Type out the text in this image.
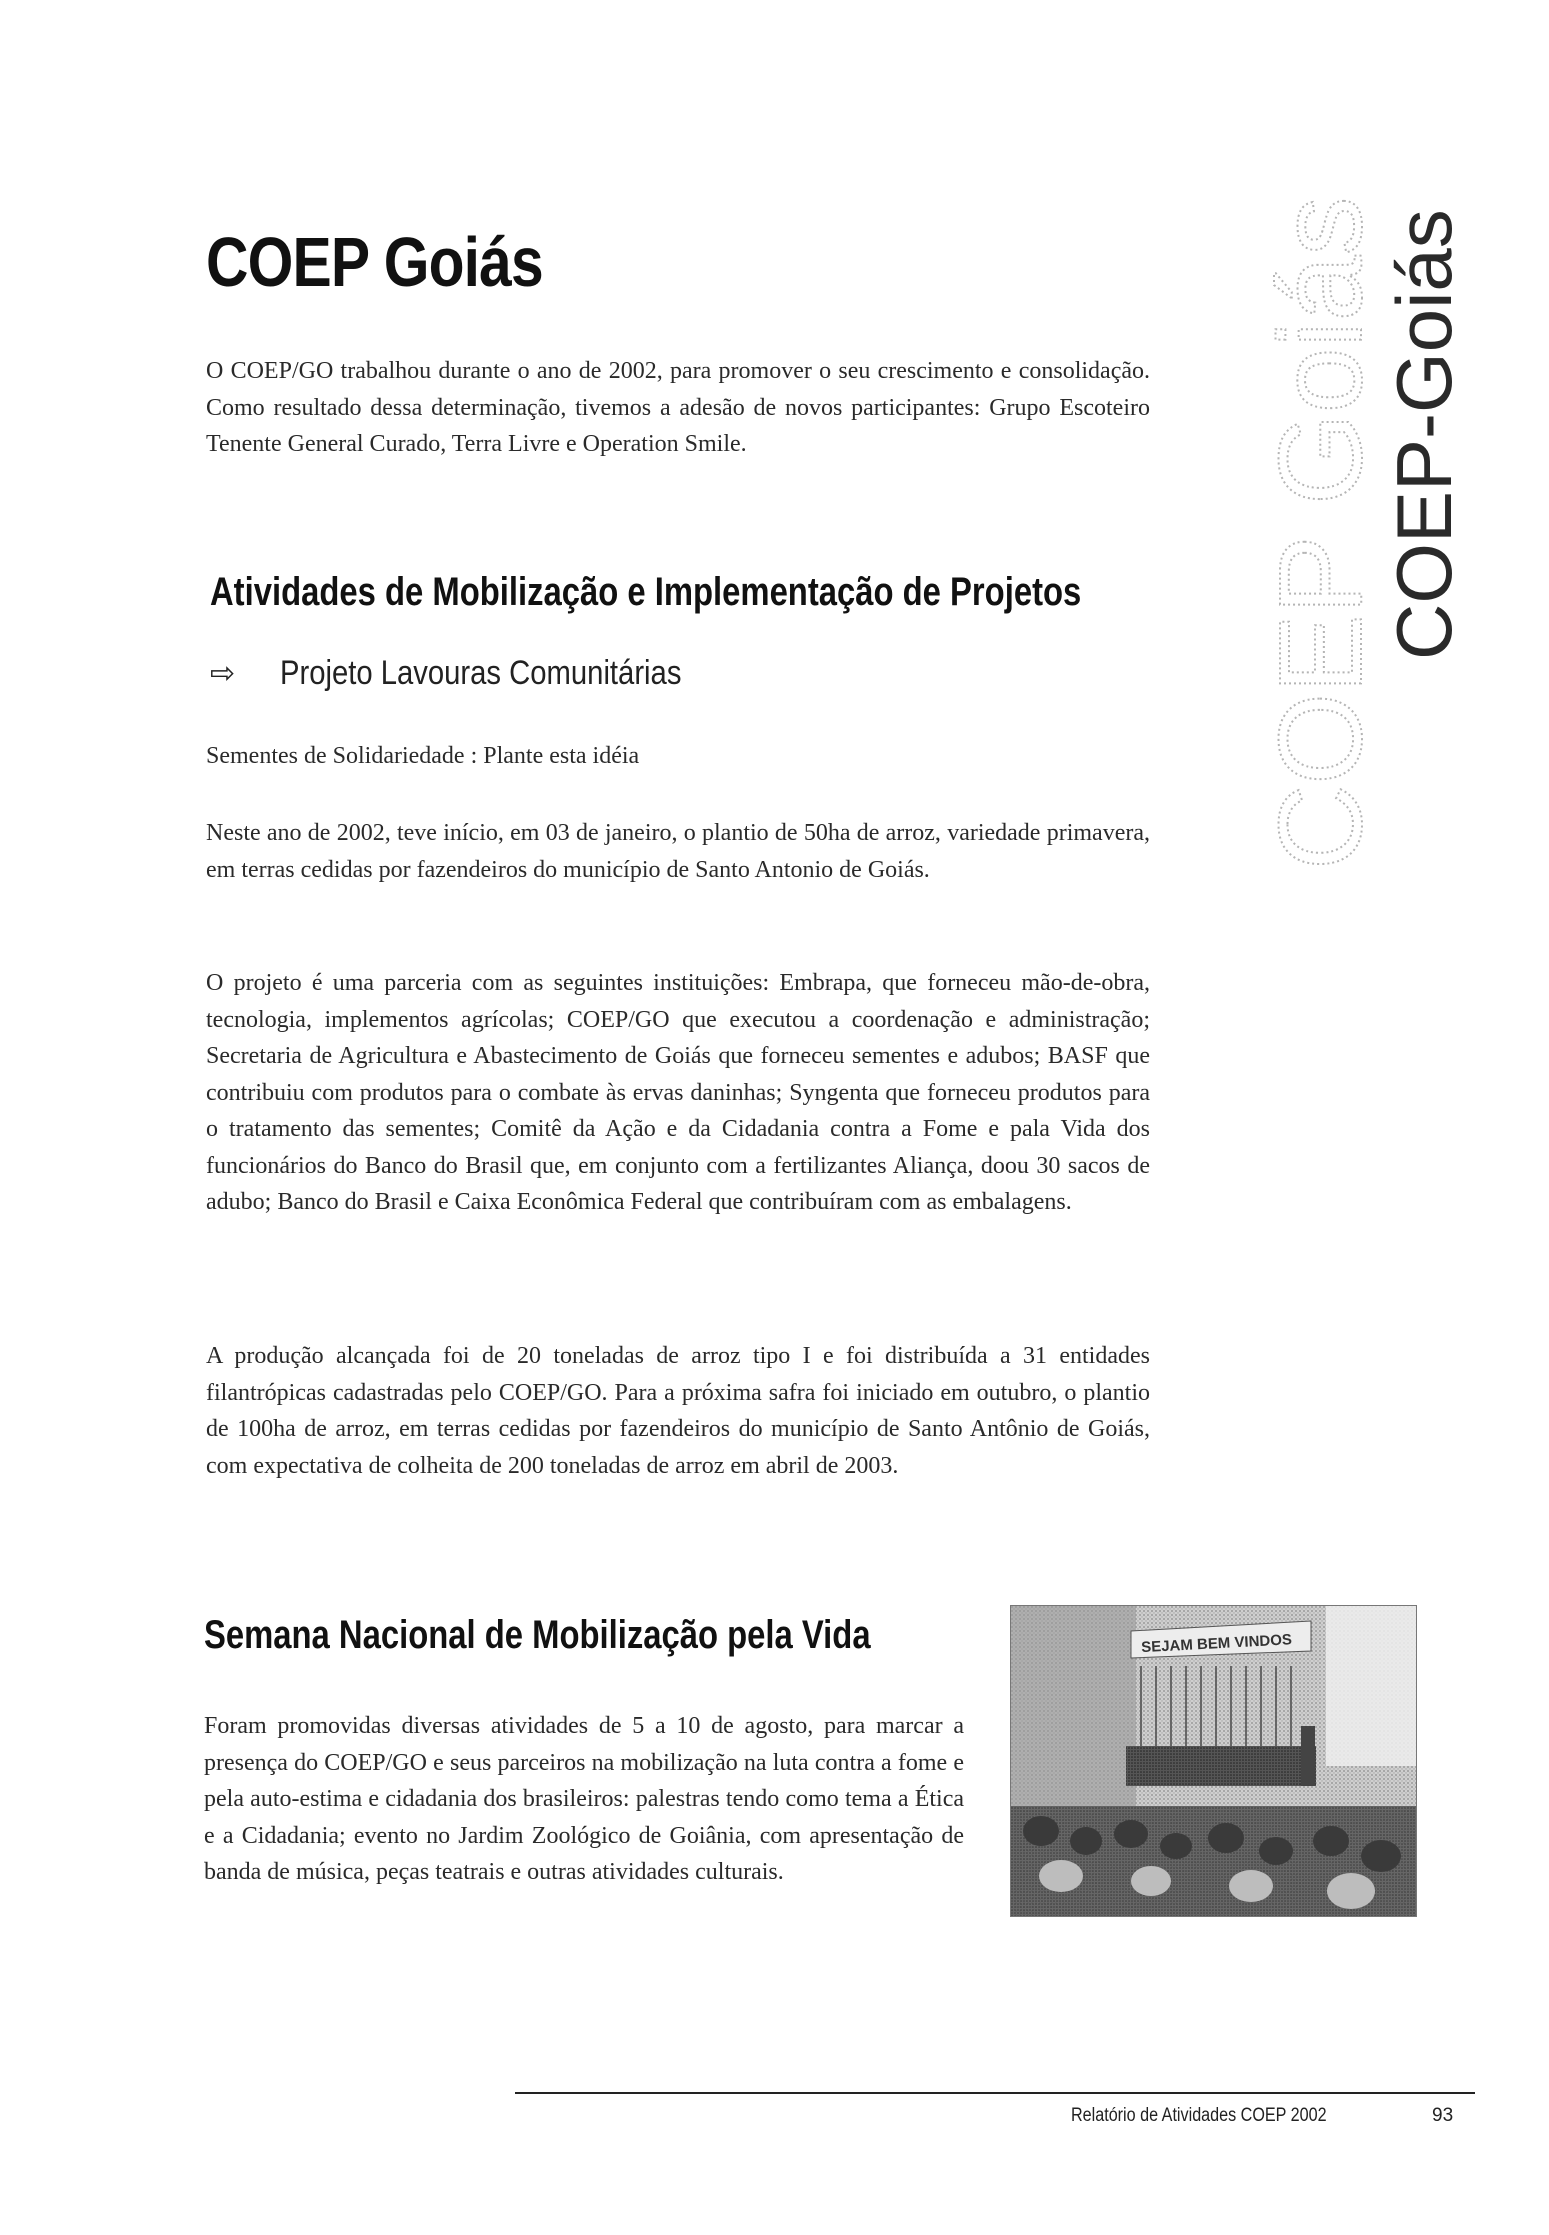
COEP Goiás
O COEP/GO trabalhou durante o ano de 2002, para promover o seu crescimento e consolidação. Como resultado dessa determinação, tivemos a adesão de novos participantes: Grupo Escoteiro Tenente General Curado, Terra Livre e Operation Smile.
Atividades de Mobilização e Implementação de Projetos
⇨	Projeto Lavouras Comunitárias
Sementes de Solidariedade : Plante esta idéia
Neste ano de 2002, teve início, em 03 de janeiro, o plantio de 50ha de arroz, variedade primavera, em terras cedidas por fazendeiros do município de Santo Antonio de Goiás.
O projeto é uma parceria com as seguintes instituições: Embrapa, que forneceu mão-de-obra, tecnologia, implementos agrícolas; COEP/GO que executou a coordenação e administração; Secretaria de Agricultura e Abastecimento de Goiás que forneceu sementes e adubos; BASF que contribuiu com produtos para o combate às ervas daninhas; Syngenta que forneceu produtos para o tratamento das sementes; Comitê da Ação e da Cidadania contra a Fome e pala Vida dos funcionários do Banco do Brasil que, em conjunto com a fertilizantes Aliança, doou 30 sacos de adubo; Banco do Brasil e Caixa Econômica Federal que contribuíram com as embalagens.
A produção alcançada foi de 20 toneladas de arroz tipo I e foi distribuída a 31 entidades filantrópicas cadastradas pelo COEP/GO. Para a próxima safra foi iniciado em outubro, o plantio de 100ha de arroz, em terras cedidas por fazendeiros do município de Santo Antônio de Goiás, com expectativa de colheita de 200 toneladas de arroz em abril de 2003.
Semana Nacional de Mobilização pela Vida
Foram promovidas diversas atividades de 5 a 10 de agosto, para marcar a presença do COEP/GO e seus parceiros na mobilização na luta contra a fome e pela auto-estima e cidadania dos brasileiros: palestras tendo como tema a Ética e a Cidadania; evento no Jardim Zoológico de Goiânia, com apresentação de banda de música, peças teatrais e outras atividades culturais.
SEJAM BEM VINDOS
COEP Goiás
COEP-Goiás
Relatório de Atividades COEP 2002	93
